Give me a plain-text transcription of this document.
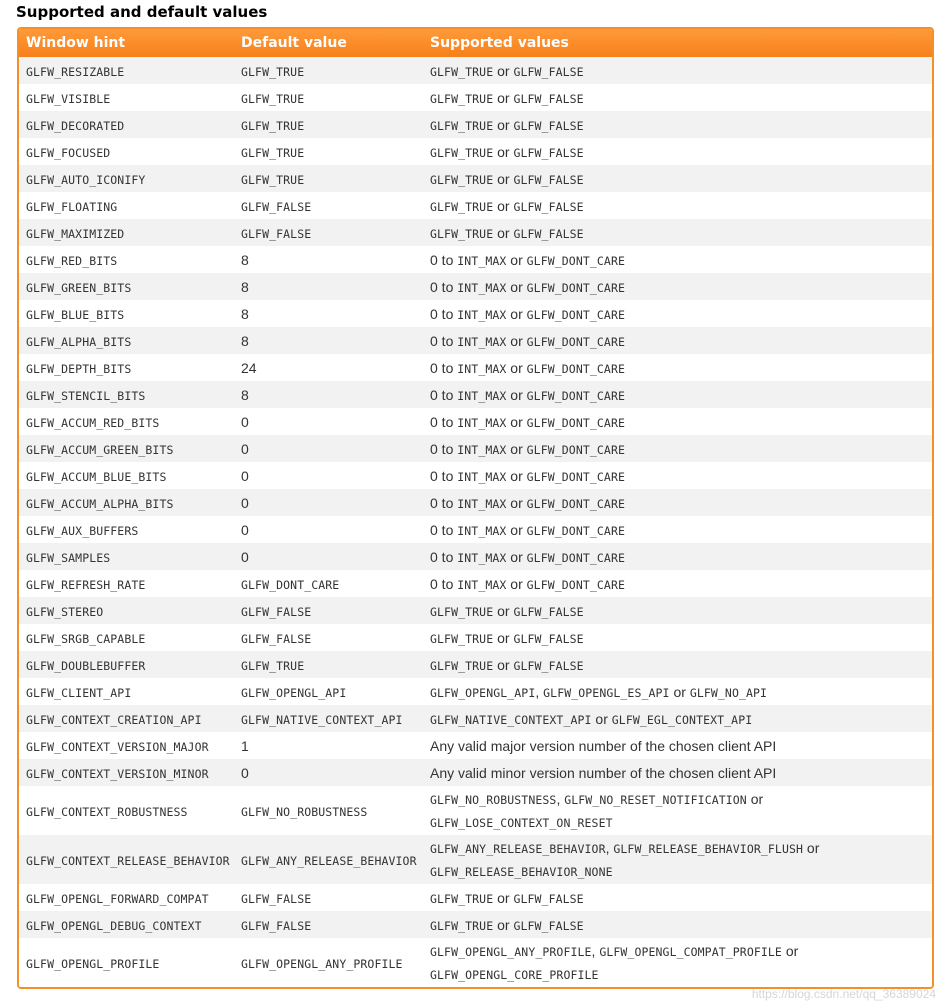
Supported and default values
Window hint	Default value	Supported values
GLFW_RESIZABLE	GLFW_TRUE	GLFW_TRUE or GLFW_FALSE
GLFW_VISIBLE	GLFW_TRUE	GLFW_TRUE or GLFW_FALSE
GLFW_DECORATED	GLFW_TRUE	GLFW_TRUE or GLFW_FALSE
GLFW_FOCUSED	GLFW_TRUE	GLFW_TRUE or GLFW_FALSE
GLFW_AUTO_ICONIFY	GLFW_TRUE	GLFW_TRUE or GLFW_FALSE
GLFW_FLOATING	GLFW_FALSE	GLFW_TRUE or GLFW_FALSE
GLFW_MAXIMIZED	GLFW_FALSE	GLFW_TRUE or GLFW_FALSE
GLFW_RED_BITS	8	0 to INT_MAX or GLFW_DONT_CARE
GLFW_GREEN_BITS	8	0 to INT_MAX or GLFW_DONT_CARE
GLFW_BLUE_BITS	8	0 to INT_MAX or GLFW_DONT_CARE
GLFW_ALPHA_BITS	8	0 to INT_MAX or GLFW_DONT_CARE
GLFW_DEPTH_BITS	24	0 to INT_MAX or GLFW_DONT_CARE
GLFW_STENCIL_BITS	8	0 to INT_MAX or GLFW_DONT_CARE
GLFW_ACCUM_RED_BITS	0	0 to INT_MAX or GLFW_DONT_CARE
GLFW_ACCUM_GREEN_BITS	0	0 to INT_MAX or GLFW_DONT_CARE
GLFW_ACCUM_BLUE_BITS	0	0 to INT_MAX or GLFW_DONT_CARE
GLFW_ACCUM_ALPHA_BITS	0	0 to INT_MAX or GLFW_DONT_CARE
GLFW_AUX_BUFFERS	0	0 to INT_MAX or GLFW_DONT_CARE
GLFW_SAMPLES	0	0 to INT_MAX or GLFW_DONT_CARE
GLFW_REFRESH_RATE	GLFW_DONT_CARE	0 to INT_MAX or GLFW_DONT_CARE
GLFW_STEREO	GLFW_FALSE	GLFW_TRUE or GLFW_FALSE
GLFW_SRGB_CAPABLE	GLFW_FALSE	GLFW_TRUE or GLFW_FALSE
GLFW_DOUBLEBUFFER	GLFW_TRUE	GLFW_TRUE or GLFW_FALSE
GLFW_CLIENT_API	GLFW_OPENGL_API	GLFW_OPENGL_API, GLFW_OPENGL_ES_API or GLFW_NO_API
GLFW_CONTEXT_CREATION_API	GLFW_NATIVE_CONTEXT_API	GLFW_NATIVE_CONTEXT_API or GLFW_EGL_CONTEXT_API
GLFW_CONTEXT_VERSION_MAJOR	1	Any valid major version number of the chosen client API
GLFW_CONTEXT_VERSION_MINOR	0	Any valid minor version number of the chosen client API
GLFW_CONTEXT_ROBUSTNESS	GLFW_NO_ROBUSTNESS	GLFW_NO_ROBUSTNESS, GLFW_NO_RESET_NOTIFICATION or
GLFW_LOSE_CONTEXT_ON_RESET
GLFW_CONTEXT_RELEASE_BEHAVIOR	GLFW_ANY_RELEASE_BEHAVIOR	GLFW_ANY_RELEASE_BEHAVIOR, GLFW_RELEASE_BEHAVIOR_FLUSH or
GLFW_RELEASE_BEHAVIOR_NONE
GLFW_OPENGL_FORWARD_COMPAT	GLFW_FALSE	GLFW_TRUE or GLFW_FALSE
GLFW_OPENGL_DEBUG_CONTEXT	GLFW_FALSE	GLFW_TRUE or GLFW_FALSE
GLFW_OPENGL_PROFILE	GLFW_OPENGL_ANY_PROFILE	GLFW_OPENGL_ANY_PROFILE, GLFW_OPENGL_COMPAT_PROFILE or
GLFW_OPENGL_CORE_PROFILE
https://blog.csdn.net/qq_36389024
